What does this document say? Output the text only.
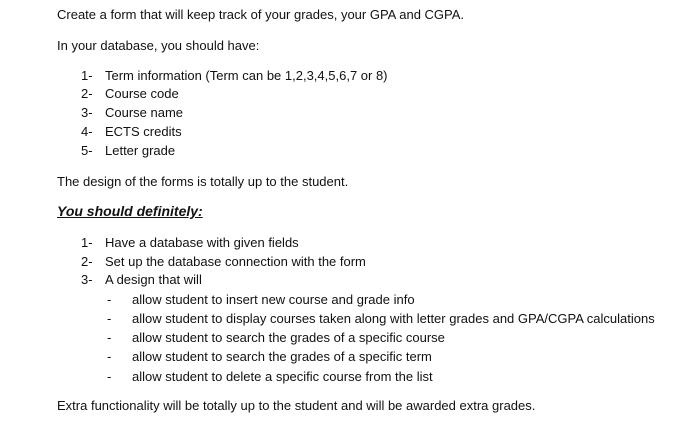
Create a form that will keep track of your grades, your GPA and CGPA.
In your database, you should have:
1- Term information (Term can be 1,2,3,4,5,6,7 or 8)
2- Course code
3- Course name
4- ECTS credits
5- Letter grade
The design of the forms is totally up to the student.
You should definitely:
1- Have a database with given fields
2- Set up the database connection with the form
3- A design that will
- allow student to insert new course and grade info
- allow student to display courses taken along with letter grades and GPA/CGPA calculations
- allow student to search the grades of a specific course
- allow student to search the grades of a specific term
- allow student to delete a specific course from the list
Extra functionality will be totally up to the student and will be awarded extra grades.
